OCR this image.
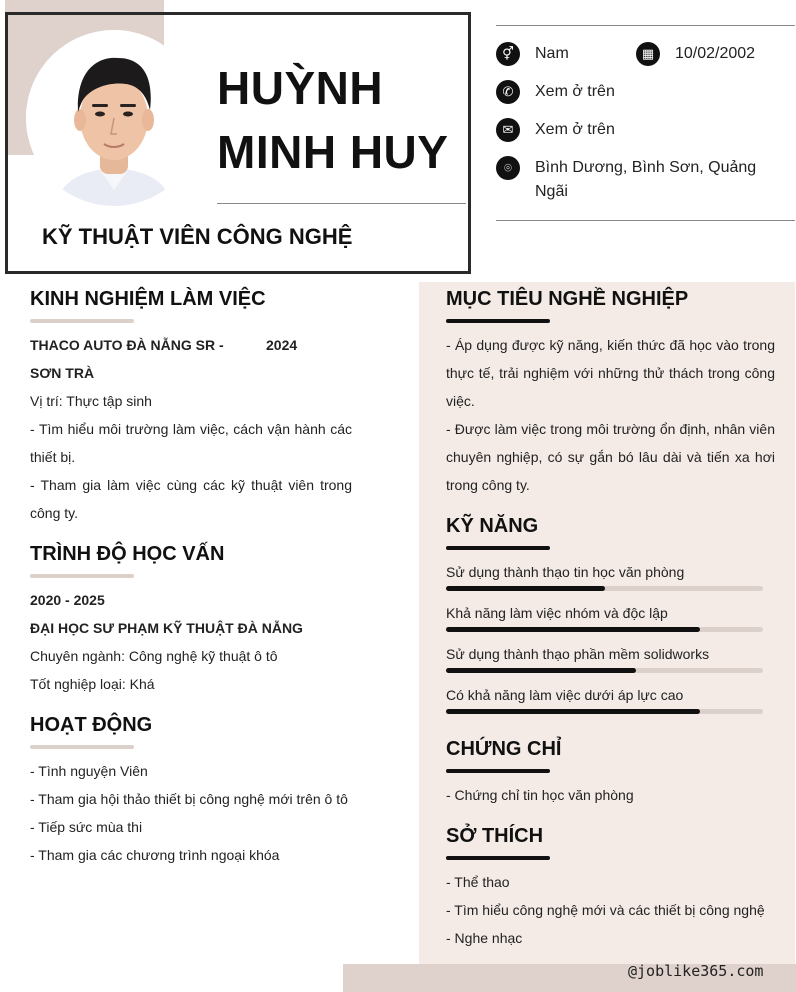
HUỲNH
MINH HUY
KỸ THUẬT VIÊN CÔNG NGHỆ
⚥	Nam	▦	10/02/2002
✆	Xem ở trên
✉	Xem ở trên
⌾	Bình Dương, Bình Sơn, Quảng Ngãi
KINH NGHIỆM LÀM VIỆC
THACO AUTO ĐÀ NẴNG SR - SƠN TRÀ
2024
Vị trí: Thực tập sinh
- Tìm hiểu môi trường làm việc, cách vận hành các thiết bị.
- Tham gia làm việc cùng các kỹ thuật viên trong công ty.
TRÌNH ĐỘ HỌC VẤN
2020 - 2025
ĐẠI HỌC SƯ PHẠM KỸ THUẬT ĐÀ NẴNG
Chuyên ngành: Công nghệ kỹ thuật ô tô
Tốt nghiệp loại: Khá
HOẠT ĐỘNG
- Tình nguyện Viên
- Tham gia hội thảo thiết bị công nghệ mới trên ô tô
- Tiếp sức mùa thi
- Tham gia các chương trình ngoại khóa
MỤC TIÊU NGHỀ NGHIỆP
- Áp dụng được kỹ năng, kiến thức đã học vào trong thực tế, trải nghiệm với những thử thách trong công việc.
- Được làm việc trong môi trường ổn định, nhân viên chuyên nghiệp, có sự gắn bó lâu dài và tiến xa hơi trong công ty.
KỸ NĂNG
Sử dụng thành thạo tin học văn phòng
Khả năng làm việc nhóm và độc lập
Sử dụng thành thạo phần mềm solidworks
Có khả năng làm việc dưới áp lực cao
CHỨNG CHỈ
- Chứng chỉ tin học văn phòng
SỞ THÍCH
- Thể thao
- Tìm hiểu công nghệ mới và các thiết bị công nghệ
- Nghe nhạc
@joblike365.com
